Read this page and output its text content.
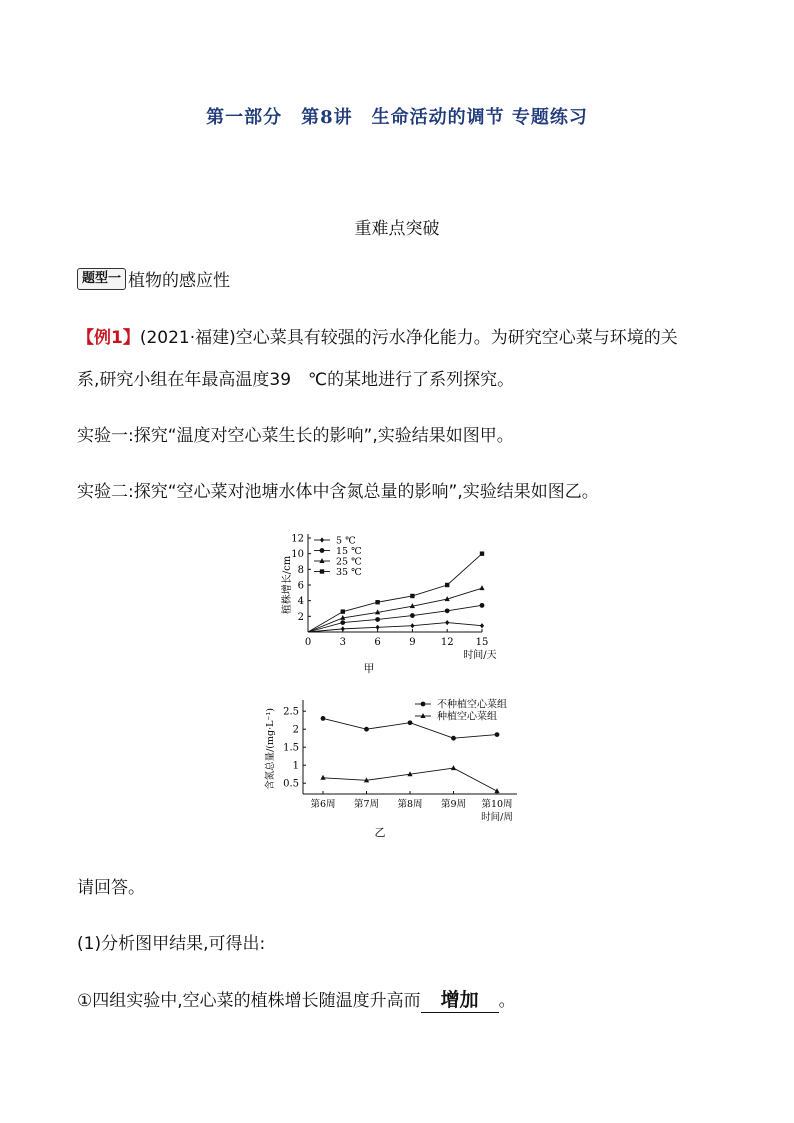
第一部分　第8讲　生命活动的调节 专题练习
重难点突破
题型一 植物的感应性
【例1】(2021·福建)空心菜具有较强的污水净化能力。为研究空心菜与环境的关
系,研究小组在年最高温度39　℃的某地进行了系列探究。
实验一:探究“温度对空心菜生长的影响”,实验结果如图甲。
实验二:探究“空心菜对池塘水体中含氮总量的影响”,实验结果如图乙。
2
4
6
8
10
12
0	3	6	9	12 15
时间/天
植株增长/cm
甲
5 ℃
15 ℃
25 ℃
35 ℃
0.5
1
1.5
2
2.5
第6周 第7周 第8周 第9周 第10周
时间/周
含氮总量/(mg·L⁻¹)
乙
不种植空心菜组
种植空心菜组
请回答。
(1)分析图甲结果,可得出:
①四组实验中,空心菜的植株增长随温度升高而 增加 。
